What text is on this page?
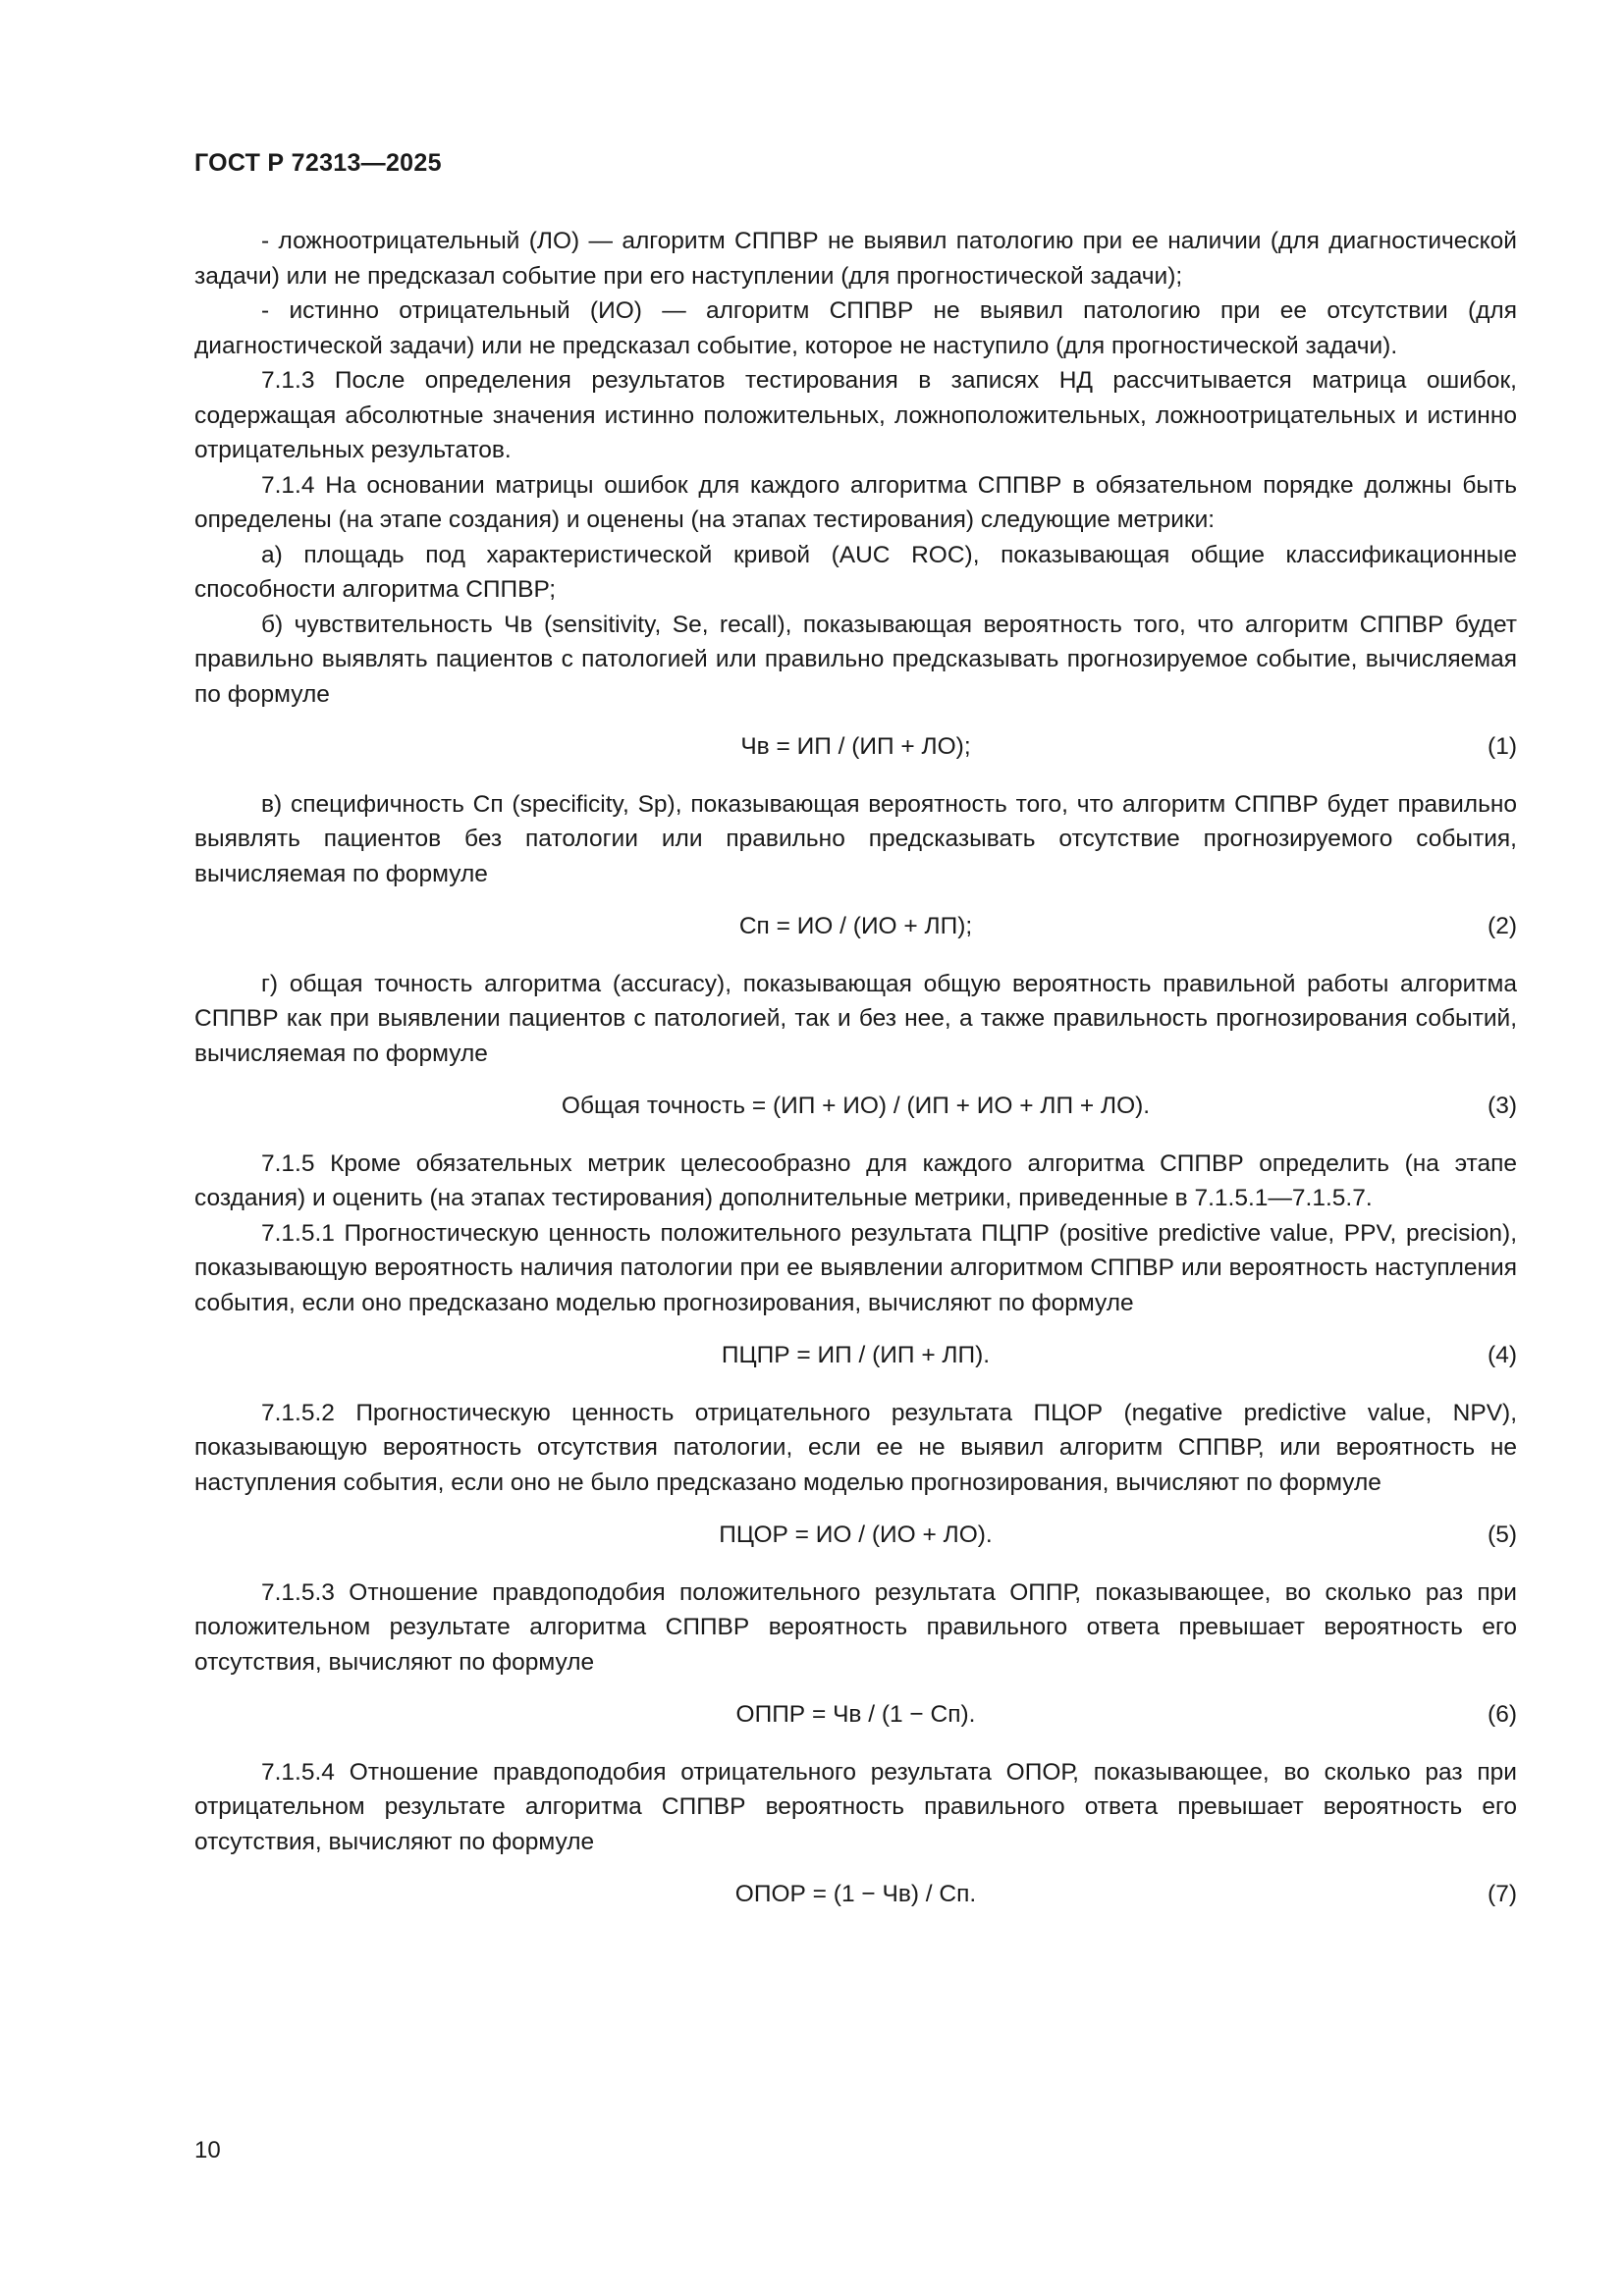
ГОСТ Р 72313—2025

- ложноотрицательный (ЛО) — алгоритм СППВР не выявил патологию при ее наличии (для диагностической задачи) или не предсказал событие при его наступлении (для прогностической задачи);

- истинно отрицательный (ИО) — алгоритм СППВР не выявил патологию при ее отсутствии (для диагностической задачи) или не предсказал событие, которое не наступило (для прогностической задачи).

7.1.3 После определения результатов тестирования в записях НД рассчитывается матрица ошибок, содержащая абсолютные значения истинно положительных, ложноположительных, ложноотрицательных и истинно отрицательных результатов.

7.1.4 На основании матрицы ошибок для каждого алгоритма СППВР в обязательном порядке должны быть определены (на этапе создания) и оценены (на этапах тестирования) следующие метрики:

а) площадь под характеристической кривой (AUC ROC), показывающая общие классификационные способности алгоритма СППВР;

б) чувствительность Чв (sensitivity, Se, recall), показывающая вероятность того, что алгоритм СППВР будет правильно выявлять пациентов с патологией или правильно предсказывать прогнозируемое событие, вычисляемая по формуле

Чв = ИП / (ИП + ЛО);	(1)

в) специфичность Сп (specificity, Sp), показывающая вероятность того, что алгоритм СППВР будет правильно выявлять пациентов без патологии или правильно предсказывать отсутствие прогнозируемого события, вычисляемая по формуле

Сп = ИО / (ИО + ЛП);	(2)

г) общая точность алгоритма (accuracy), показывающая общую вероятность правильной работы алгоритма СППВР как при выявлении пациентов с патологией, так и без нее, а также правильность прогнозирования событий, вычисляемая по формуле

Общая точность = (ИП + ИО) / (ИП + ИО + ЛП + ЛО).	(3)

7.1.5 Кроме обязательных метрик целесообразно для каждого алгоритма СППВР определить (на этапе создания) и оценить (на этапах тестирования) дополнительные метрики, приведенные в 7.1.5.1—7.1.5.7.

7.1.5.1 Прогностическую ценность положительного результата ПЦПР (positive predictive value, PPV, precision), показывающую вероятность наличия патологии при ее выявлении алгоритмом СППВР или вероятность наступления события, если оно предсказано моделью прогнозирования, вычисляют по формуле

ПЦПР = ИП / (ИП + ЛП).	(4)

7.1.5.2 Прогностическую ценность отрицательного результата ПЦОР (negative predictive value, NPV), показывающую вероятность отсутствия патологии, если ее не выявил алгоритм СППВР, или вероятность не наступления события, если оно не было предсказано моделью прогнозирования, вычисляют по формуле

ПЦОР = ИО / (ИО + ЛО).	(5)

7.1.5.3 Отношение правдоподобия положительного результата ОППР, показывающее, во сколько раз при положительном результате алгоритма СППВР вероятность правильного ответа превышает вероятность его отсутствия, вычисляют по формуле

ОППР = Чв / (1 − Сп).	(6)

7.1.5.4 Отношение правдоподобия отрицательного результата ОПОР, показывающее, во сколько раз при отрицательном результате алгоритма СППВР вероятность правильного ответа превышает вероятность его отсутствия, вычисляют по формуле

ОПОР = (1 − Чв) / Сп.	(7)
10
